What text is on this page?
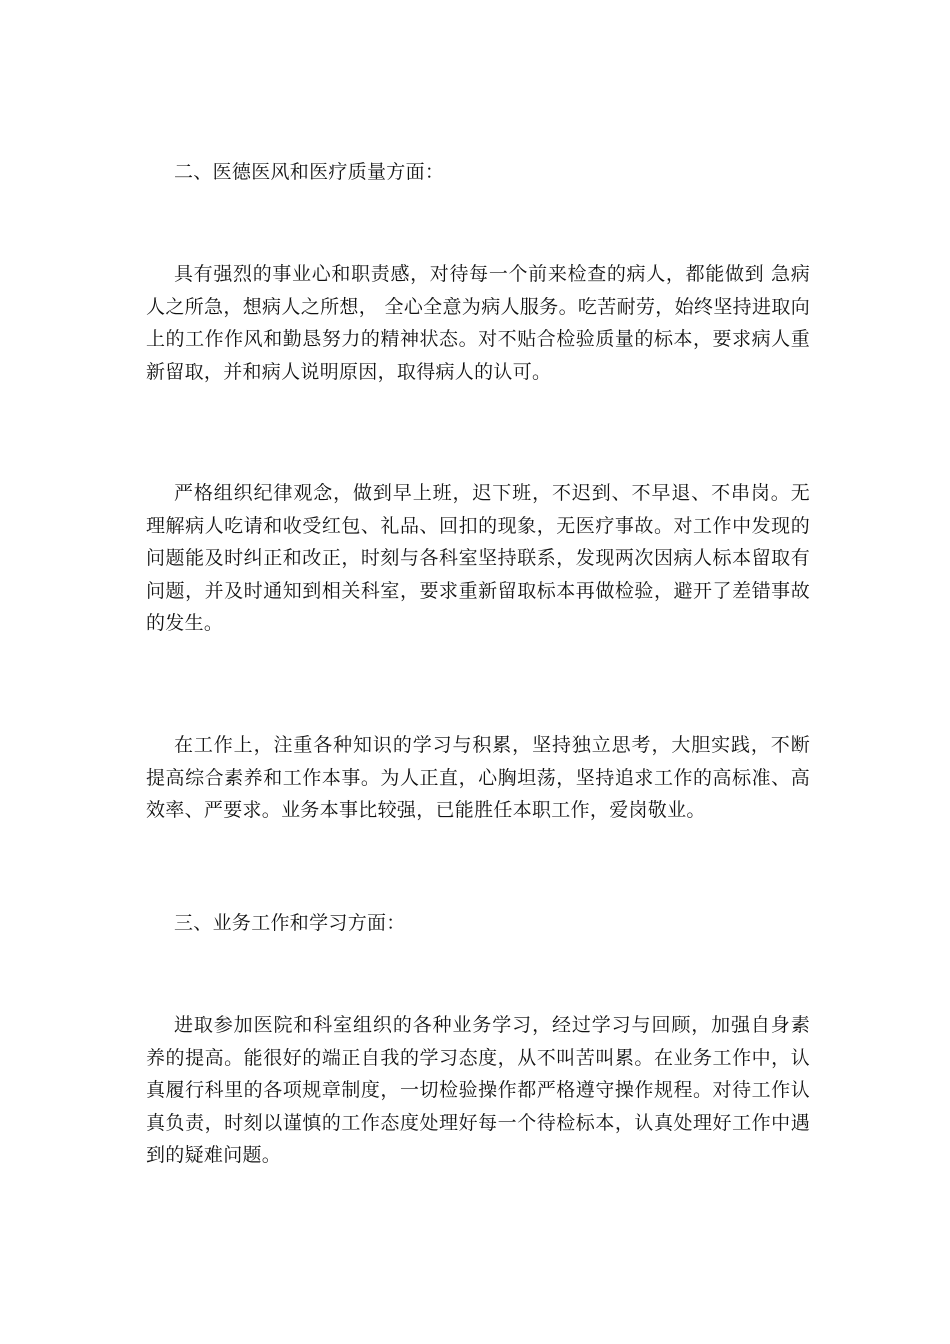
二、医德医风和医疗质量方面：

具有强烈的事业心和职责感，对待每一个前来检查的病人，都能做到 急病人之所急，想病人之所想， 全心全意为病人服务。吃苦耐劳，始终坚持进取向上的工作作风和勤恳努力的精神状态。对不贴合检验质量的标本，要求病人重新留取，并和病人说明原因，取得病人的认可。

严格组织纪律观念，做到早上班，迟下班，不迟到、不早退、不串岗。无理解病人吃请和收受红包、礼品、回扣的现象，无医疗事故。对工作中发现的问题能及时纠正和改正，时刻与各科室坚持联系，发现两次因病人标本留取有问题，并及时通知到相关科室，要求重新留取标本再做检验，避开了差错事故的发生。

在工作上，注重各种知识的学习与积累，坚持独立思考，大胆实践，不断提高综合素养和工作本事。为人正直，心胸坦荡，坚持追求工作的高标准、高效率、严要求。业务本事比较强，已能胜任本职工作，爱岗敬业。

三、业务工作和学习方面：

进取参加医院和科室组织的各种业务学习，经过学习与回顾，加强自身素养的提高。能很好的端正自我的学习态度，从不叫苦叫累。在业务工作中，认真履行科里的各项规章制度，一切检验操作都严格遵守操作规程。对待工作认真负责，时刻以谨慎的工作态度处理好每一个待检标本，认真处理好工作中遇到的疑难问题。
